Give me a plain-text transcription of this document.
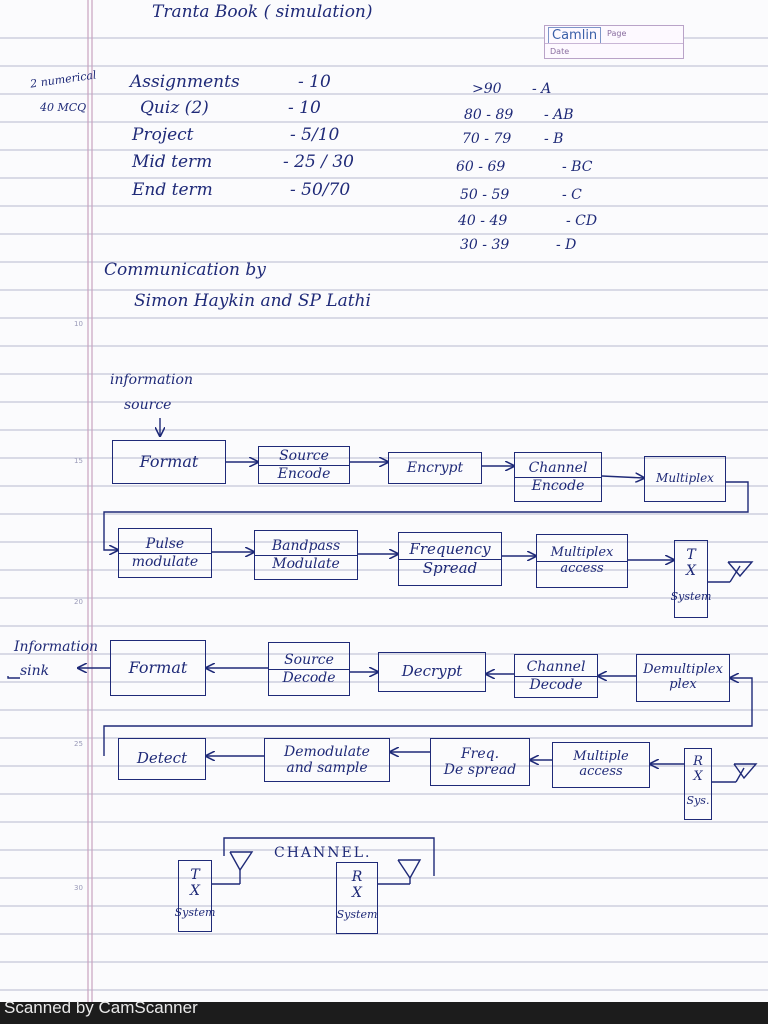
10
15
20
25
30
Camlin	Page
Date
Tranta Book ( simulation)
2 numerical
40 MCQ
Assignments	- 10
Quiz (2)	- 10
Project	- 5/10
Mid term	- 25 / 30
End term	- 50/70
>90 - A
80 - 89 - AB
70 - 79 - B
60 - 69	- BC
50 - 59	- C
40 - 49	- CD
30 - 39	- D
Communication by
Simon Haykin and SP Lathi
information
source
Format	Source
Encode	Encrypt	Channel
Encode	Multiplex
Pulse
modulate
Bandpass
Modulate
Frequency
Spread
Multiplex
access
T
X
System
Information
sink	Format	Source
Decode	Decrypt	Channel
Decode
Demultiplex
plex
Detect	Demodulate
and sample
Freq.
De spread
Multiple
access
R
X
Sys.
CHANNEL.
T
X
System
R
X
System
Scanned by CamScanner
